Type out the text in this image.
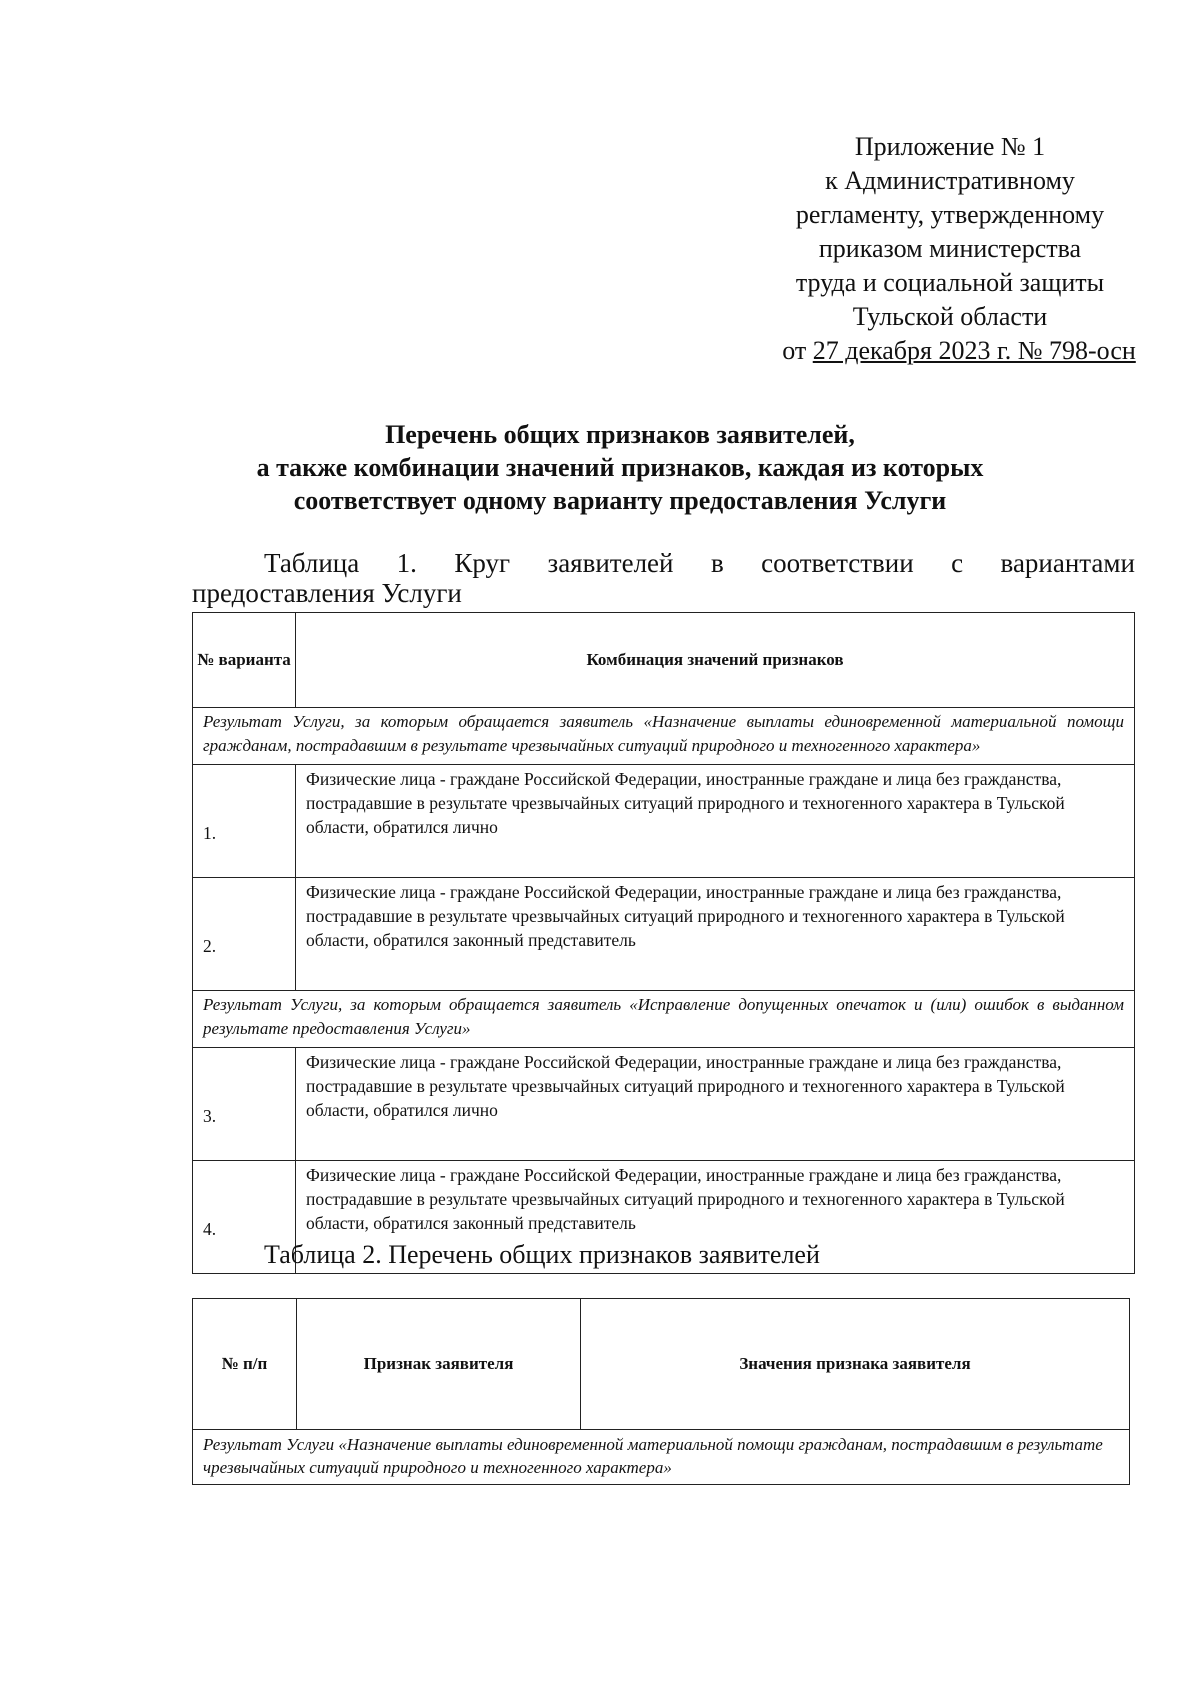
Приложение № 1
к Административному
регламенту, утвержденному
приказом министерства
труда и социальной защиты
Тульской области
от 27 декабря 2023 г. № 798-осн
Перечень общих признаков заявителей,
а также комбинации значений признаков, каждая из которых
соответствует одному варианту предоставления Услуги
Таблица 1. Круг заявителей в соответствии с вариантами
предоставления Услуги
№ варианта	Комбинация значений признаков
Результат Услуги, за которым обращается заявитель «Назначение выплаты единовременной материальной помощи гражданам, пострадавшим в результате чрезвычайных ситуаций природного и техногенного характера»	
1.	Физические лица - граждане Российской Федерации, иностранные граждане и лица без гражданства, пострадавшие в результате чрезвычайных ситуаций природного и техногенного характера в Тульской области, обратился лично
2.	Физические лица - граждане Российской Федерации, иностранные граждане и лица без гражданства, пострадавшие в результате чрезвычайных ситуаций природного и техногенного характера в Тульской области, обратился законный представитель
Результат Услуги, за которым обращается заявитель «Исправление допущенных опечаток и (или) ошибок в выданном результате предоставления Услуги»	
3.	Физические лица - граждане Российской Федерации, иностранные граждане и лица без гражданства, пострадавшие в результате чрезвычайных ситуаций природного и техногенного характера в Тульской области, обратился лично
4.	Физические лица - граждане Российской Федерации, иностранные граждане и лица без гражданства, пострадавшие в результате чрезвычайных ситуаций природного и техногенного характера в Тульской области, обратился законный представитель
Таблица 2. Перечень общих признаков заявителей
№ п/п	Признак заявителя	Значения признака заявителя
Результат Услуги «Назначение выплаты единовременной материальной помощи гражданам, пострадавшим в результате чрезвычайных ситуаций природного и техногенного характера»
